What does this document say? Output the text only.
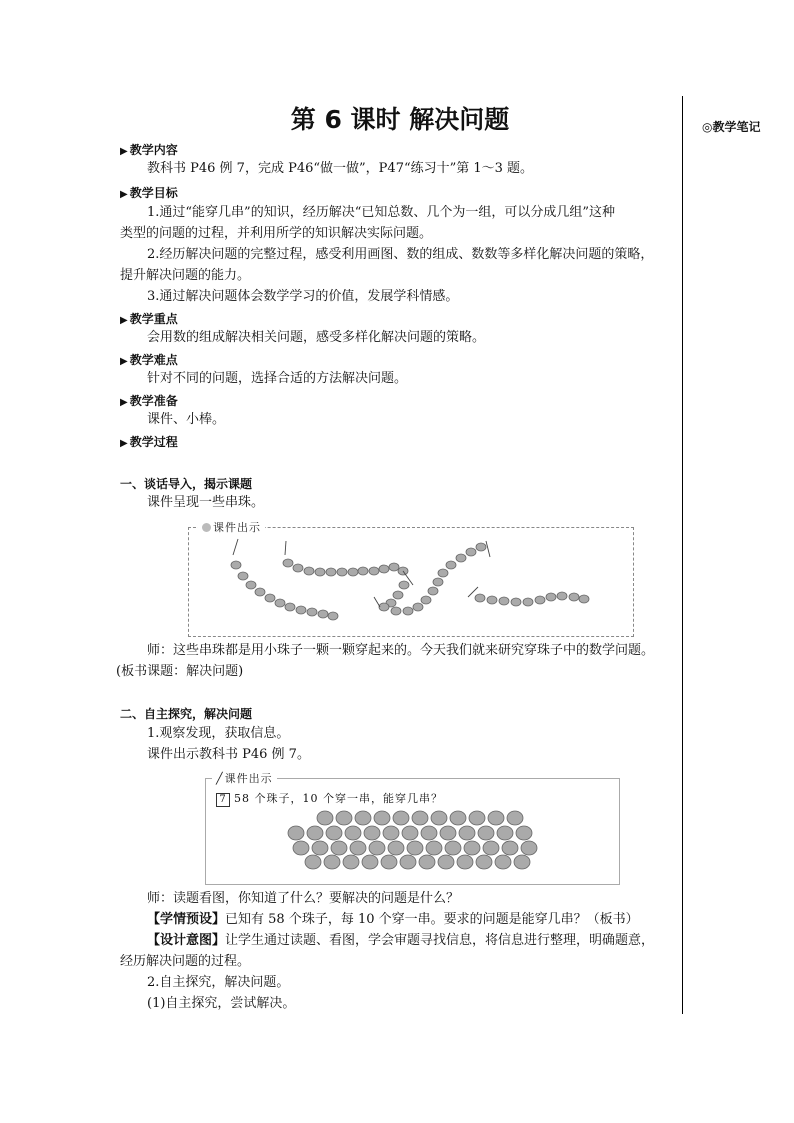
◎教学笔记
第 6 课时 解决问题
▶ 教学内容
教科书 P46 例 7，完成 P46“做一做”，P47“练习十”第 1～3 题。
▶ 教学目标
1.通过“能穿几串”的知识，经历解决“已知总数、几个为一组，可以分成几组”这种
类型的问题的过程，并利用所学的知识解决实际问题。
2.经历解决问题的完整过程，感受利用画图、数的组成、数数等多样化解决问题的策略，
提升解决问题的能力。
3.通过解决问题体会数学学习的价值，发展学科情感。
▶ 教学重点
会用数的组成解决相关问题，感受多样化解决问题的策略。
▶ 教学难点
针对不同的问题，选择合适的方法解决问题。
▶ 教学准备
课件、小棒。
▶ 教学过程
一、谈话导入，揭示课题
课件呈现一些串珠。
课件出示
师：这些串珠都是用小珠子一颗一颗穿起来的。今天我们就来研究穿珠子中的数学问题。
(板书课题：解决问题)
二、自主探究，解决问题
1.观察发现，获取信息。
课件出示教科书 P46 例 7。
╱课件出示
7 58 个珠子，10 个穿一串，能穿几串？
师：读题看图，你知道了什么？要解决的问题是什么？
【学情预设】已知有 58 个珠子，每 10 个穿一串。要求的问题是能穿几串？（板书）
【设计意图】让学生通过读题、看图，学会审题寻找信息，将信息进行整理，明确题意，
经历解决问题的过程。
2.自主探究，解决问题。
(1)自主探究，尝试解决。
